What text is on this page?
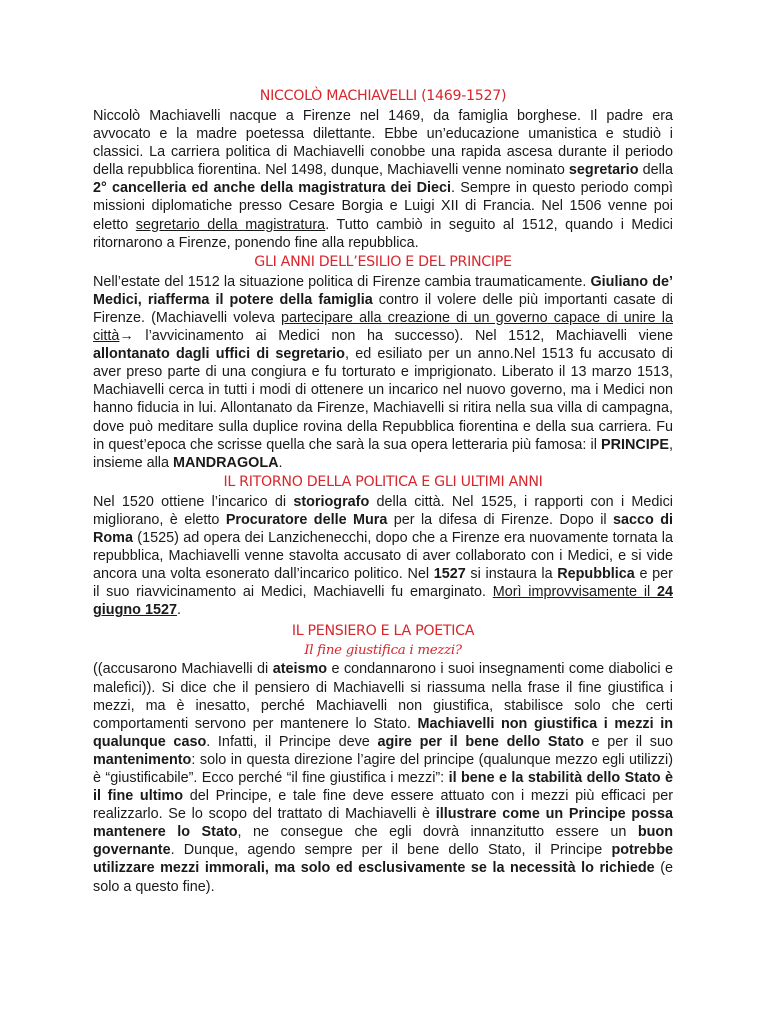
NICCOLÒ MACHIAVELLI (1469-1527)

Niccolò Machiavelli nacque a Firenze nel 1469, da famiglia borghese. Il padre era avvocato e la madre poetessa dilettante. Ebbe un’educazione umanistica e studiò i classici. La carriera politica di Machiavelli conobbe una rapida ascesa durante il periodo della repubblica fiorentina. Nel 1498, dunque, Machiavelli venne nominato segretario della 2° cancelleria ed anche della magistratura dei Dieci. Sempre in questo periodo compì missioni diplomatiche presso Cesare Borgia e Luigi XII di Francia. Nel 1506 venne poi eletto segretario della magistratura. Tutto cambiò in seguito al 1512, quando i Medici ritornarono a Firenze, ponendo fine alla repubblica.

GLI ANNI DELL’ESILIO E DEL PRINCIPE

Nell’estate del 1512 la situazione politica di Firenze cambia traumaticamente. Giuliano de’ Medici, riafferma il potere della famiglia contro il volere delle più importanti casate di Firenze. (Machiavelli voleva partecipare alla creazione di un governo capace di unire la città→ l’avvicinamento ai Medici non ha successo). Nel 1512, Machiavelli viene allontanato dagli uffici di segretario, ed esiliato per un anno.Nel 1513 fu accusato di aver preso parte di una congiura e fu torturato e imprigionato. Liberato il 13 marzo 1513, Machiavelli cerca in tutti i modi di ottenere un incarico nel nuovo governo, ma i Medici non hanno fiducia in lui. Allontanato da Firenze, Machiavelli si ritira nella sua villa di campagna, dove può meditare sulla duplice rovina della Repubblica fiorentina e della sua carriera. Fu in quest’epoca che scrisse quella che sarà la sua opera letteraria più famosa: il PRINCIPE, insieme alla MANDRAGOLA.

IL RITORNO DELLA POLITICA E GLI ULTIMI ANNI

Nel 1520 ottiene l’incarico di storiografo della città. Nel 1525, i rapporti con i Medici migliorano, è eletto Procuratore delle Mura per la difesa di Firenze. Dopo il sacco di Roma (1525) ad opera dei Lanzichenecchi, dopo che a Firenze era nuovamente tornata la repubblica, Machiavelli venne stavolta accusato di aver collaborato con i Medici, e si vide ancora una volta esonerato dall’incarico politico. Nel 1527 si instaura la Repubblica e per il suo riavvicinamento ai Medici, Machiavelli fu emarginato. Morì improvvisamente il 24 giugno 1527.

IL PENSIERO E LA POETICA
Il fine giustifica i mezzi?

((accusarono Machiavelli di ateismo e condannarono i suoi insegnamenti come diabolici e malefici)). Si dice che il pensiero di Machiavelli si riassuma nella frase il fine giustifica i mezzi, ma è inesatto, perché Machiavelli non giustifica, stabilisce solo che certi comportamenti servono per mantenere lo Stato. Machiavelli non giustifica i mezzi in qualunque caso. Infatti, il Principe deve agire per il bene dello Stato e per il suo mantenimento: solo in questa direzione l’agire del principe (qualunque mezzo egli utilizzi) è “giustificabile”. Ecco perché “il fine giustifica i mezzi”: il bene e la stabilità dello Stato è il fine ultimo del Principe, e tale fine deve essere attuato con i mezzi più efficaci per realizzarlo. Se lo scopo del trattato di Machiavelli è illustrare come un Principe possa mantenere lo Stato, ne consegue che egli dovrà innanzitutto essere un buon governante. Dunque, agendo sempre per il bene dello Stato, il Principe potrebbe utilizzare mezzi immorali, ma solo ed esclusivamente se la necessità lo richiede (e solo a questo fine).
